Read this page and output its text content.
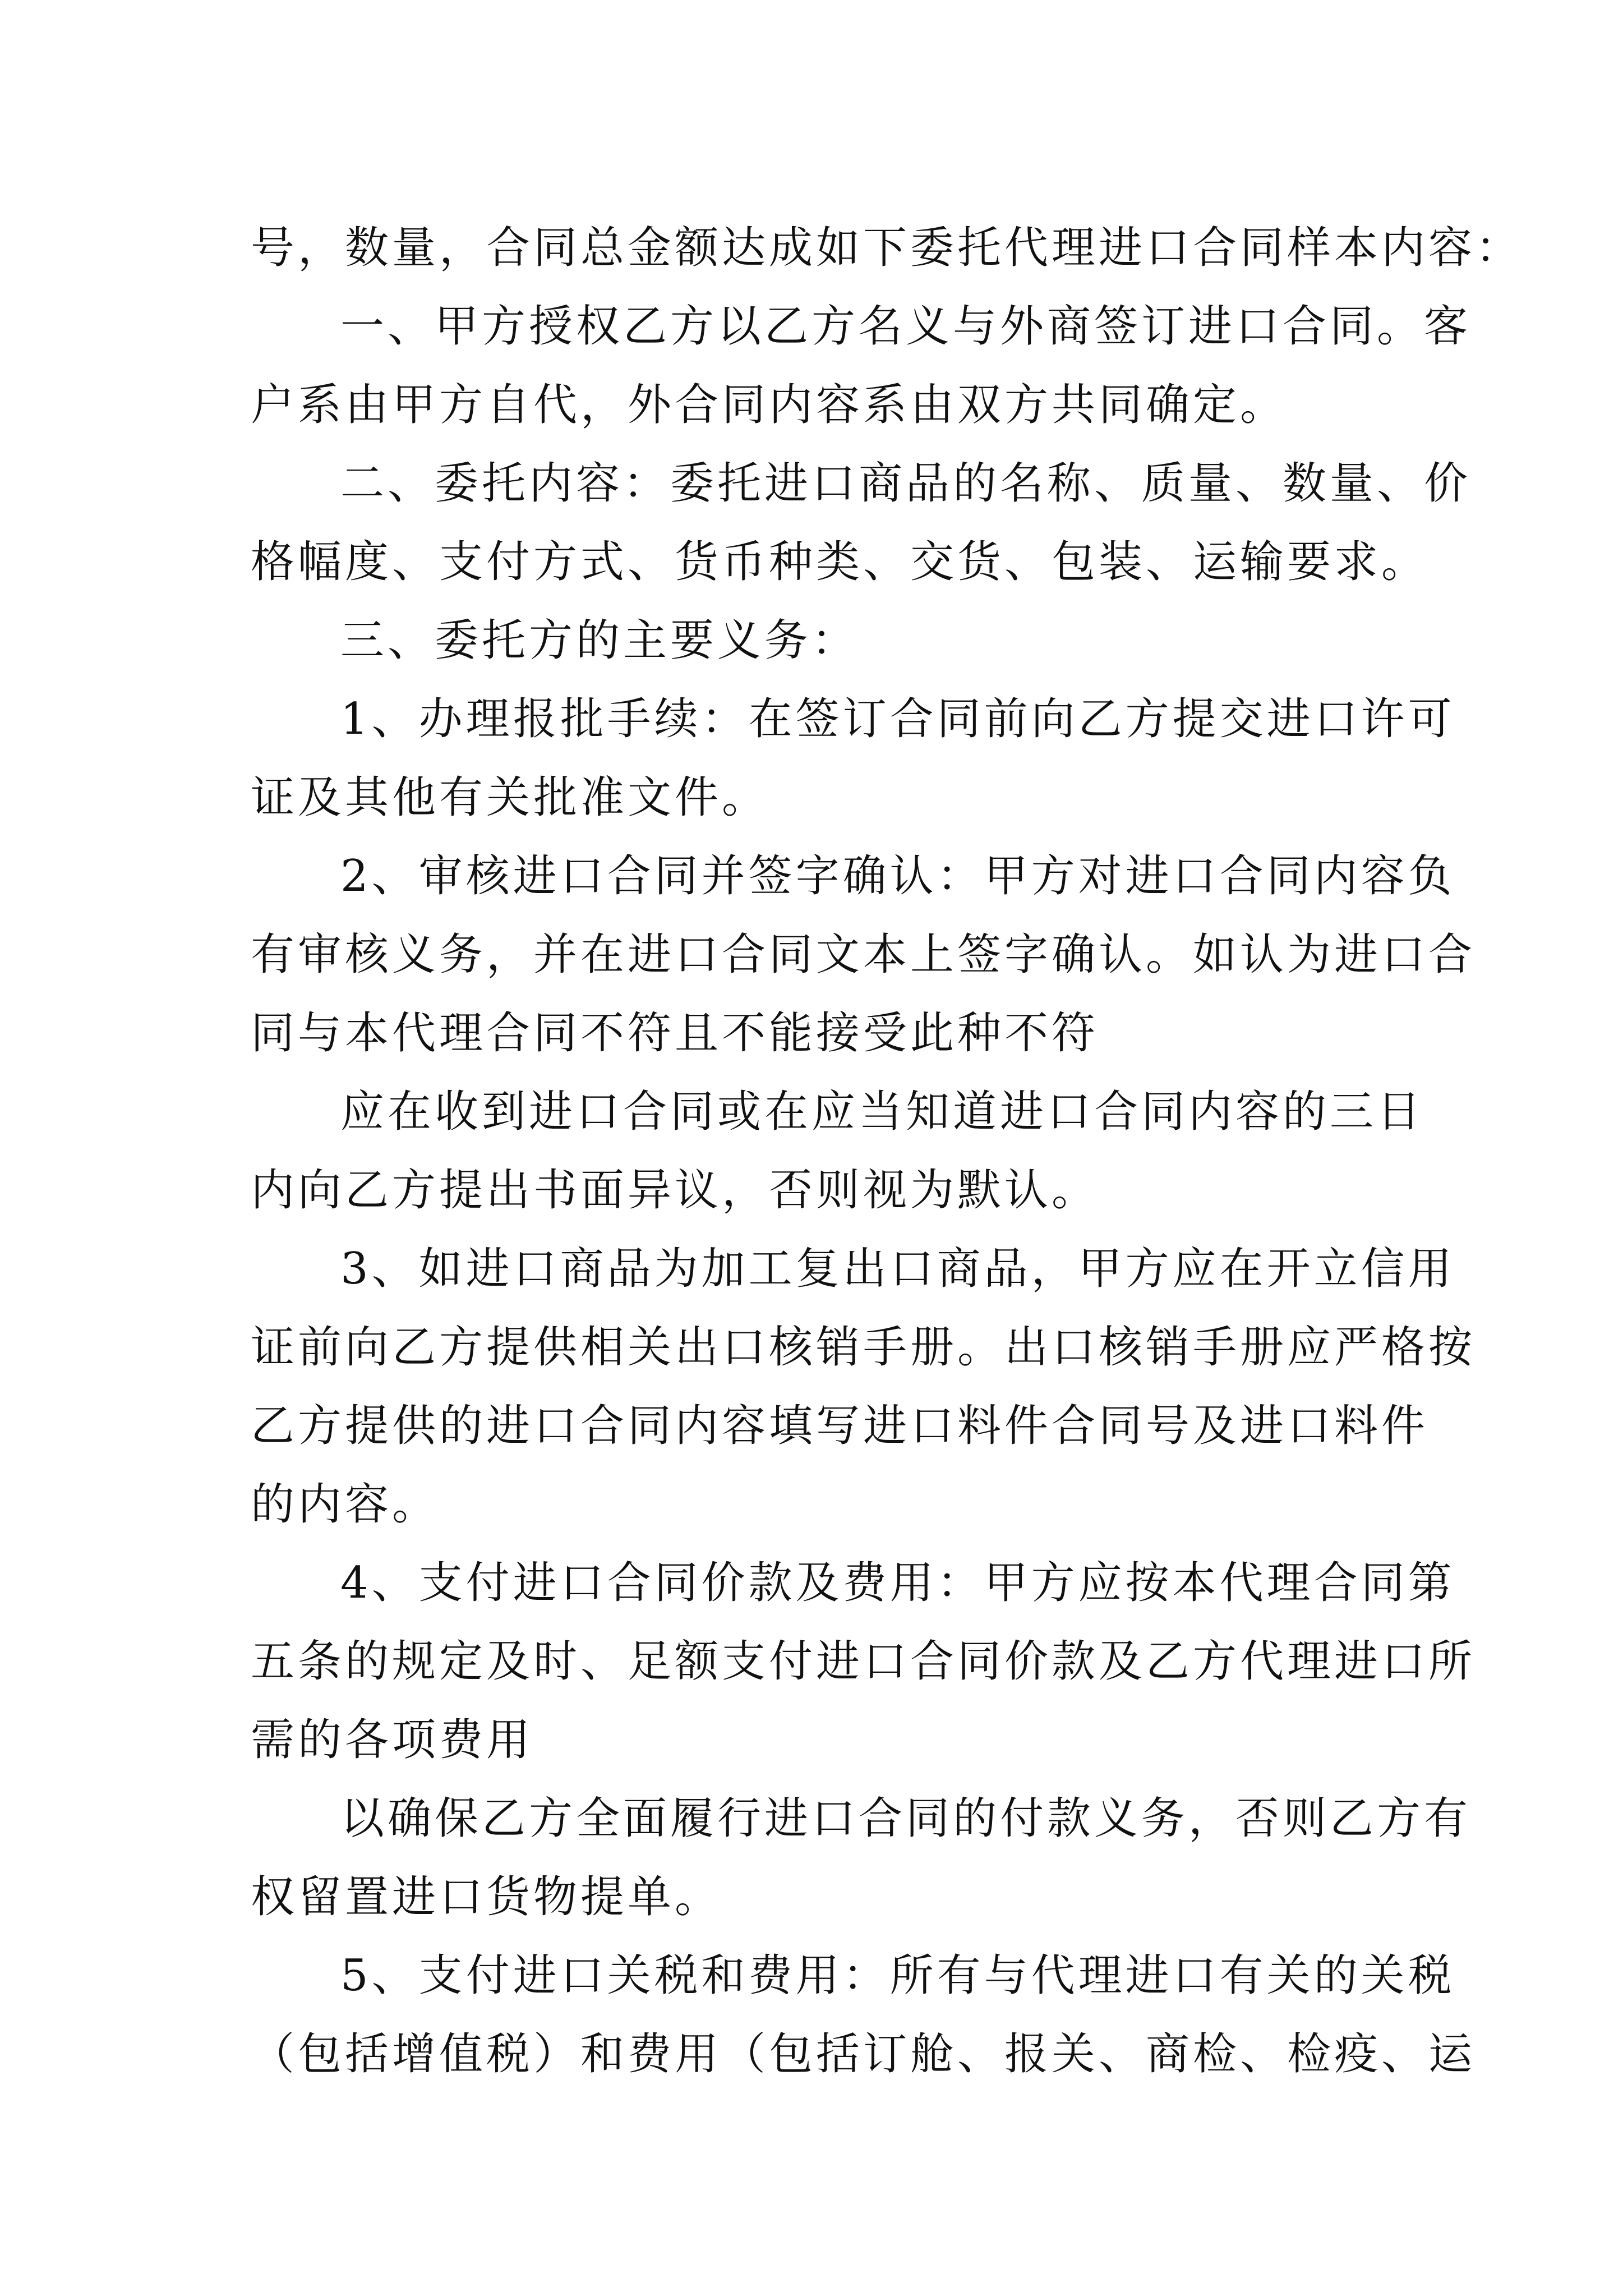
号，数量，合同总金额达成如下委托代理进口合同样本内容：
一、甲方授权乙方以乙方名义与外商签订进口合同。客
户系由甲方自代，外合同内容系由双方共同确定。
二、委托内容：委托进口商品的名称、质量、数量、价
格幅度、支付方式、货币种类、交货、包装、运输要求。
三、委托方的主要义务：
1、办理报批手续：在签订合同前向乙方提交进口许可
证及其他有关批准文件。
2、审核进口合同并签字确认：甲方对进口合同内容负
有审核义务，并在进口合同文本上签字确认。如认为进口合
同与本代理合同不符且不能接受此种不符
应在收到进口合同或在应当知道进口合同内容的三日
内向乙方提出书面异议，否则视为默认。
3、如进口商品为加工复出口商品，甲方应在开立信用
证前向乙方提供相关出口核销手册。出口核销手册应严格按
乙方提供的进口合同内容填写进口料件合同号及进口料件
的内容。
4、支付进口合同价款及费用：甲方应按本代理合同第
五条的规定及时、足额支付进口合同价款及乙方代理进口所
需的各项费用
以确保乙方全面履行进口合同的付款义务，否则乙方有
权留置进口货物提单。
5、支付进口关税和费用：所有与代理进口有关的关税
（包括增值税）和费用（包括订舱、报关、商检、检疫、运
